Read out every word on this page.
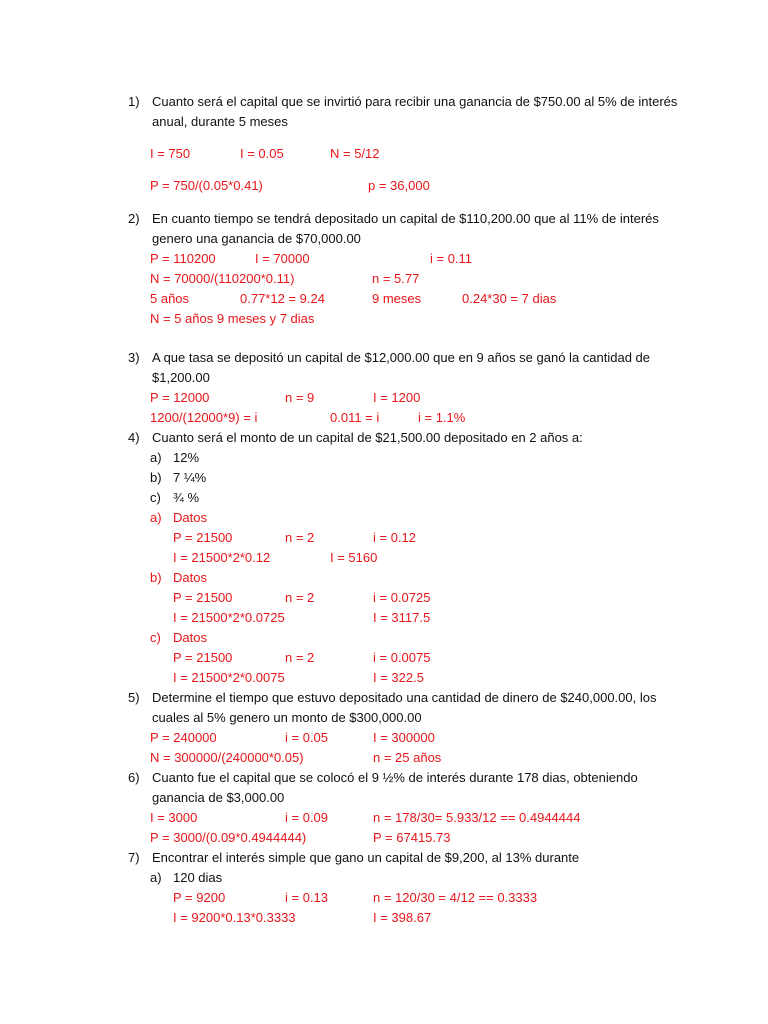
1) Cuanto será el capital que se invirtió para recibir una ganancia de $750.00 al 5% de interés
anual, durante 5 meses
I = 750	I = 0.05	N = 5/12
P = 750/(0.05*0.41)	p = 36,000
2) En cuanto tiempo se tendrá depositado un capital de $110,200.00 que al 11% de interés
genero una ganancia de $70,000.00
P = 110200	I = 70000	i = 0.11
N = 70000/(110200*0.11)	n = 5.77
5 años	0.77*12 = 9.24	9 meses	0.24*30 = 7 dias
N = 5 años 9 meses y 7 dias
3) A que tasa se depositó un capital de $12,000.00 que en 9 años se ganó la cantidad de
$1,200.00
P = 12000	n = 9	I = 1200
1200/(12000*9) = i	0.011 = i	i = 1.1%
4) Cuanto será el monto de un capital de $21,500.00 depositado en 2 años a:
a) 12%
b) 7 ¼%
c) ¾ %
a) Datos
P = 21500	n = 2	i = 0.12
I = 21500*2*0.12	I = 5160
b) Datos
P = 21500	n = 2	i = 0.0725
I = 21500*2*0.0725	I = 3117.5
c) Datos
P = 21500	n = 2	i = 0.0075
I = 21500*2*0.0075	I = 322.5
5) Determine el tiempo que estuvo depositado una cantidad de dinero de $240,000.00, los
cuales al 5% genero un monto de $300,000.00
P = 240000	i = 0.05	I = 300000
N = 300000/(240000*0.05)	n = 25 años
6) Cuanto fue el capital que se colocó el 9 ½% de interés durante 178 dias, obteniendo
ganancia de $3,000.00
I = 3000	i = 0.09	n = 178/30= 5.933/12 == 0.4944444
P = 3000/(0.09*0.4944444)	P = 67415.73
7) Encontrar el interés simple que gano un capital de $9,200, al 13% durante
a) 120 dias
P = 9200	i = 0.13	n = 120/30 = 4/12 == 0.3333
I = 9200*0.13*0.3333	I = 398.67
